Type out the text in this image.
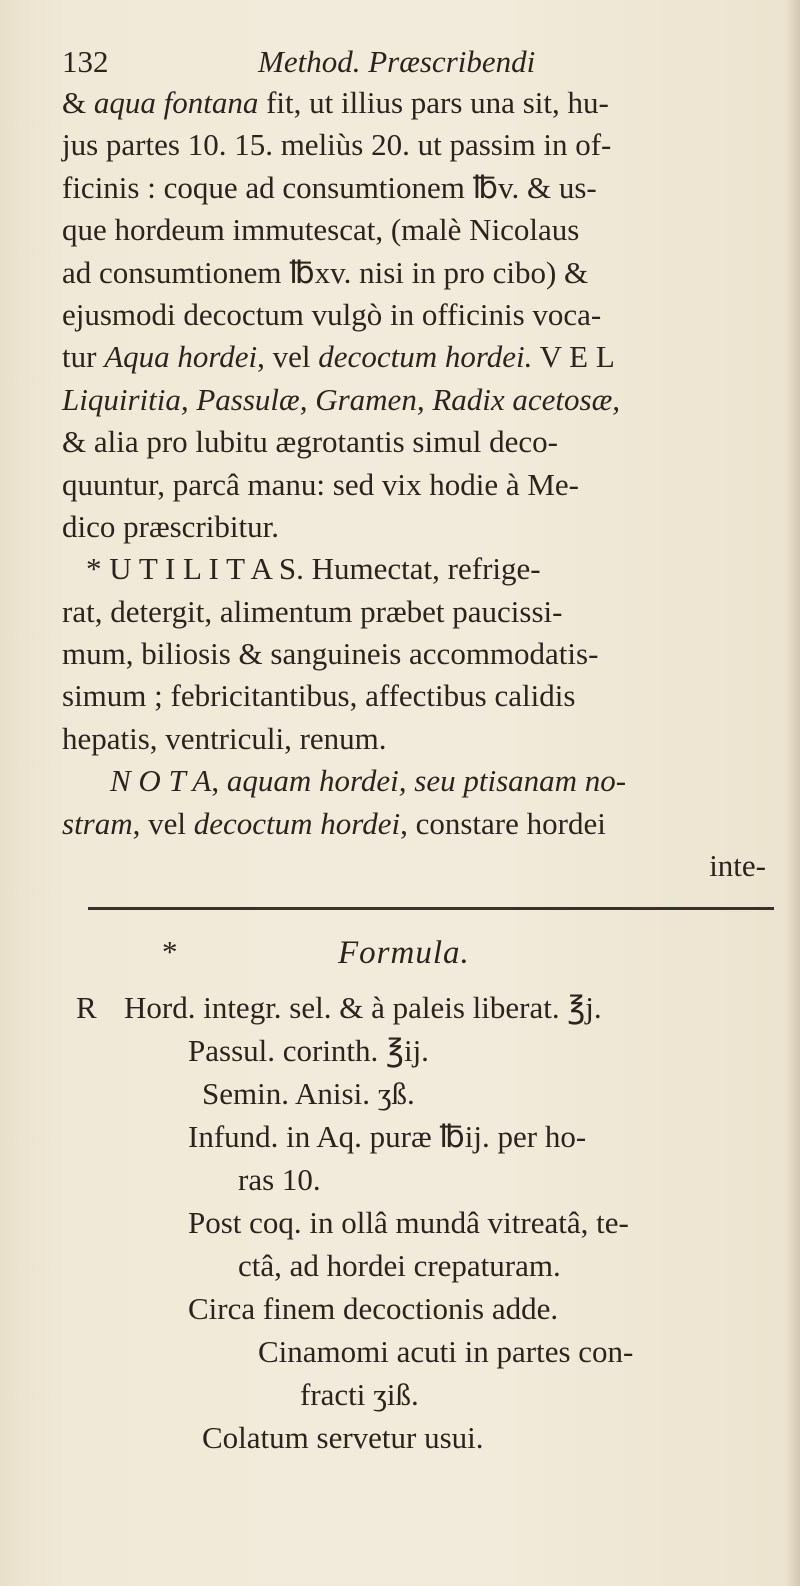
132	Method. Præscribendi
& aqua fontana fit, ut illius pars una sit, hu-
jus partes 10. 15. meliùs 20. ut passim in of-
ficinis : coque ad consumtionem ℔v. & us-
que hordeum immutescat, (malè Nicolaus
ad consumtionem ℔xv. nisi in pro cibo) &
ejusmodi decoctum vulgò in officinis voca-
tur Aqua hordei, vel decoctum hordei. V E L
Liquiritia, Passulæ, Gramen, Radix acetosæ,
& alia pro lubitu ægrotantis simul deco-
quuntur, parcâ manu: sed vix hodie à Me-
dico præscribitur.
* U T I L I T A S. Humectat, refrige-
rat, detergit, alimentum præbet paucissi-
mum, biliosis & sanguineis accommodatis-
simum ; febricitantibus, affectibus calidis
hepatis, ventriculi, renum.
N O T A, aquam hordei, seu ptisanam no-
stram, vel decoctum hordei, constare hordei
inte-
*	Formula.
R Hord. integr. sel. & à paleis liberat. ℥j.
Passul. corinth. ℥ij.
Semin. Anisi. ʒß.
Infund. in Aq. puræ ℔ij. per ho-
ras 10.
Post coq. in ollâ mundâ vitreatâ, te-
ctâ, ad hordei crepaturam.
Circa finem decoctionis adde.
Cinamomi acuti in partes con-
fracti ʒiß.
Colatum servetur usui.
